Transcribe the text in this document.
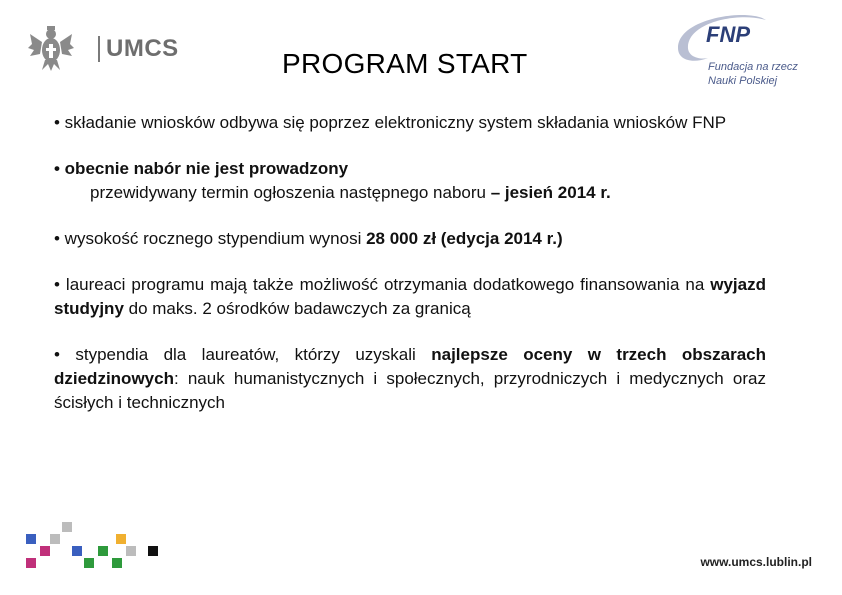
UMCS	PROGRAM START
FNP
Fundacja na rzecz
Nauki Polskiej

• składanie wniosków odbywa się poprzez elektroniczny system składania wniosków FNP

• obecnie nabór nie jest prowadzony
przewidywany termin ogłoszenia następnego naboru – jesień 2014 r.

• wysokość rocznego stypendium wynosi 28 000 zł (edycja 2014 r.)

• laureaci programu mają także możliwość otrzymania dodatkowego finansowania na wyjazd studyjny do maks. 2 ośrodków badawczych za granicą

• stypendia dla laureatów, którzy uzyskali najlepsze oceny w trzech obszarach dziedzinowych: nauk humanistycznych i społecznych, przyrodniczych i medycznych oraz ścisłych i technicznych

www.umcs.lublin.pl
